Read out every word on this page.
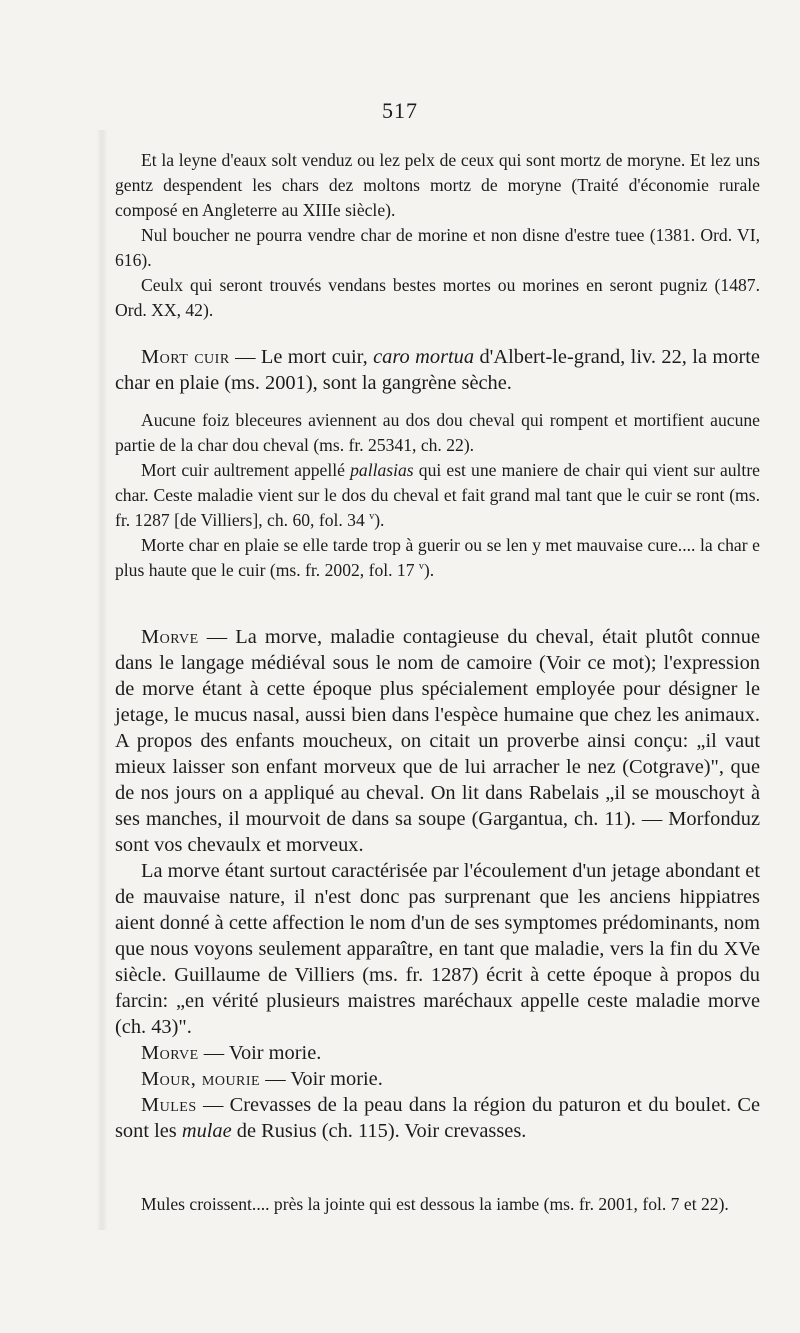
517

Et la leyne d'eaux solt venduz ou lez pelx de ceux qui sont mortz de moryne. Et lez uns gentz despendent les chars dez moltons mortz de moryne (Traité d'économie rurale composé en Angleterre au XIIIe siècle).

Nul boucher ne pourra vendre char de morine et non disne d'estre tuee (1381. Ord. VI, 616).

Ceulx qui seront trouvés vendans bestes mortes ou morines en seront pugniz (1487. Ord. XX, 42).

Mort cuir — Le mort cuir, caro mortua d'Albert-le-grand, liv. 22, la morte char en plaie (ms. 2001), sont la gangrène sèche.

Aucune foiz bleceures aviennent au dos dou cheval qui rompent et mortifient aucune partie de la char dou cheval (ms. fr. 25341, ch. 22).

Mort cuir aultrement appellé pallasias qui est une maniere de chair qui vient sur aultre char. Ceste maladie vient sur le dos du cheval et fait grand mal tant que le cuir se ront (ms. fr. 1287 [de Villiers], ch. 60, fol. 34 $^v$).

Morte char en plaie se elle tarde trop à guerir ou se len y met mauvaise cure.... la char e plus haute que le cuir (ms. fr. 2002, fol. 17 $^v$).

Morve — La morve, maladie contagieuse du cheval, était plutôt connue dans le langage médiéval sous le nom de camoire (Voir ce mot); l'expression de morve étant à cette époque plus spécialement employée pour désigner le jetage, le mucus nasal, aussi bien dans l'espèce humaine que chez les animaux. A propos des enfants moucheux, on citait un proverbe ainsi conçu: „il vaut mieux laisser son enfant morveux que de lui arracher le nez (Cotgrave)", que de nos jours on a appliqué au cheval. On lit dans Rabelais „il se mouschoyt à ses manches, il mourvoit de dans sa soupe (Gargantua, ch. 11). — Morfonduz sont vos chevaulx et morveux.

La morve étant surtout caractérisée par l'écoulement d'un jetage abondant et de mauvaise nature, il n'est donc pas surprenant que les anciens hippiatres aient donné à cette affection le nom d'un de ses symptomes prédominants, nom que nous voyons seulement apparaître, en tant que maladie, vers la fin du XVe siècle. Guillaume de Villiers (ms. fr. 1287) écrit à cette époque à propos du farcin: „en vérité plusieurs maistres maréchaux appelle ceste maladie morve (ch. 43)".

Morve — Voir morie.

Mour, mourie — Voir morie.

Mules — Crevasses de la peau dans la région du paturon et du boulet. Ce sont les mulae de Rusius (ch. 115). Voir crevasses.

Mules croissent.... près la jointe qui est dessous la iambe (ms. fr. 2001, fol. 7 et 22).
